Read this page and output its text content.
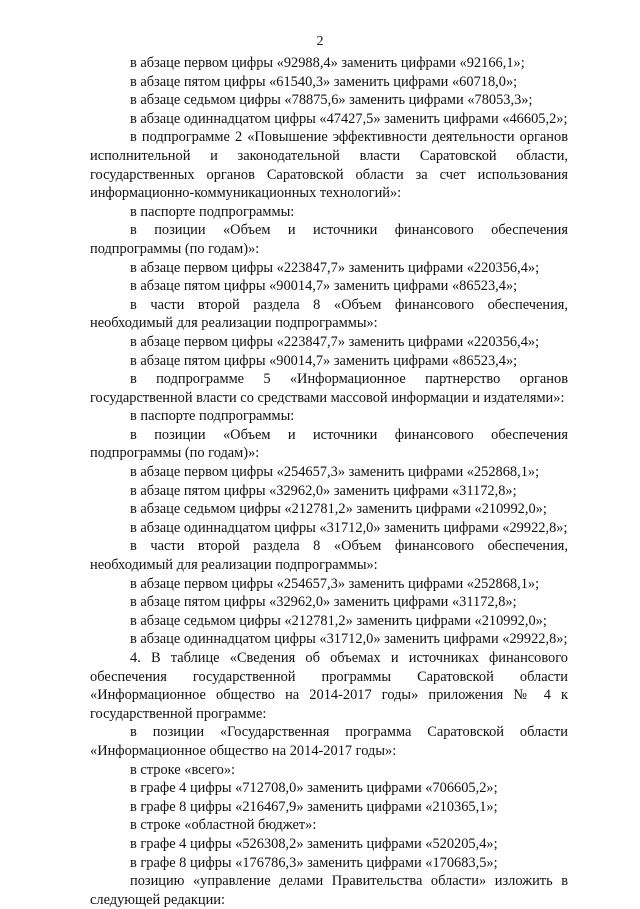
2

в абзаце первом цифры «92988,4» заменить цифрами «92166,1»;

в абзаце пятом цифры «61540,3» заменить цифрами «60718,0»;

в абзаце седьмом цифры «78875,6» заменить цифрами «78053,3»;

в абзаце одиннадцатом цифры «47427,5» заменить цифрами «46605,2»;

в подпрограмме 2 «Повышение эффективности деятельности органов исполнительной и законодательной власти Саратовской области, государственных органов Саратовской области за счет использования информационно-коммуникационных технологий»:

в паспорте подпрограммы:

в позиции «Объем и источники финансового обеспечения подпрограммы (по годам)»:

в абзаце первом цифры «223847,7» заменить цифрами «220356,4»;

в абзаце пятом цифры «90014,7» заменить цифрами «86523,4»;

в части второй раздела 8 «Объем финансового обеспечения, необходимый для реализации подпрограммы»:

в абзаце первом цифры «223847,7» заменить цифрами «220356,4»;

в абзаце пятом цифры «90014,7» заменить цифрами «86523,4»;

в подпрограмме 5 «Информационное партнерство органов государственной власти со средствами массовой информации и издателями»:

в паспорте подпрограммы:

в позиции «Объем и источники финансового обеспечения подпрограммы (по годам)»:

в абзаце первом цифры «254657,3» заменить цифрами «252868,1»;

в абзаце пятом цифры «32962,0» заменить цифрами «31172,8»;

в абзаце седьмом цифры «212781,2» заменить цифрами «210992,0»;

в абзаце одиннадцатом цифры «31712,0» заменить цифрами «29922,8»;

в части второй раздела 8 «Объем финансового обеспечения, необходимый для реализации подпрограммы»:

в абзаце первом цифры «254657,3» заменить цифрами «252868,1»;

в абзаце пятом цифры «32962,0» заменить цифрами «31172,8»;

в абзаце седьмом цифры «212781,2» заменить цифрами «210992,0»;

в абзаце одиннадцатом цифры «31712,0» заменить цифрами «29922,8»;

4. В таблице «Сведения об объемах и источниках финансового обеспечения государственной программы Саратовской области «Информационное общество на 2014-2017 годы» приложения № 4 к государственной программе:

в позиции «Государственная программа Саратовской области «Информационное общество на 2014-2017 годы»:

в строке «всего»:

в графе 4 цифры «712708,0» заменить цифрами «706605,2»;

в графе 8 цифры «216467,9» заменить цифрами «210365,1»;

в строке «областной бюджет»:

в графе 4 цифры «526308,2» заменить цифрами «520205,4»;

в графе 8 цифры «176786,3» заменить цифрами «170683,5»;

позицию «управление делами Правительства области» изложить в следующей редакции:
